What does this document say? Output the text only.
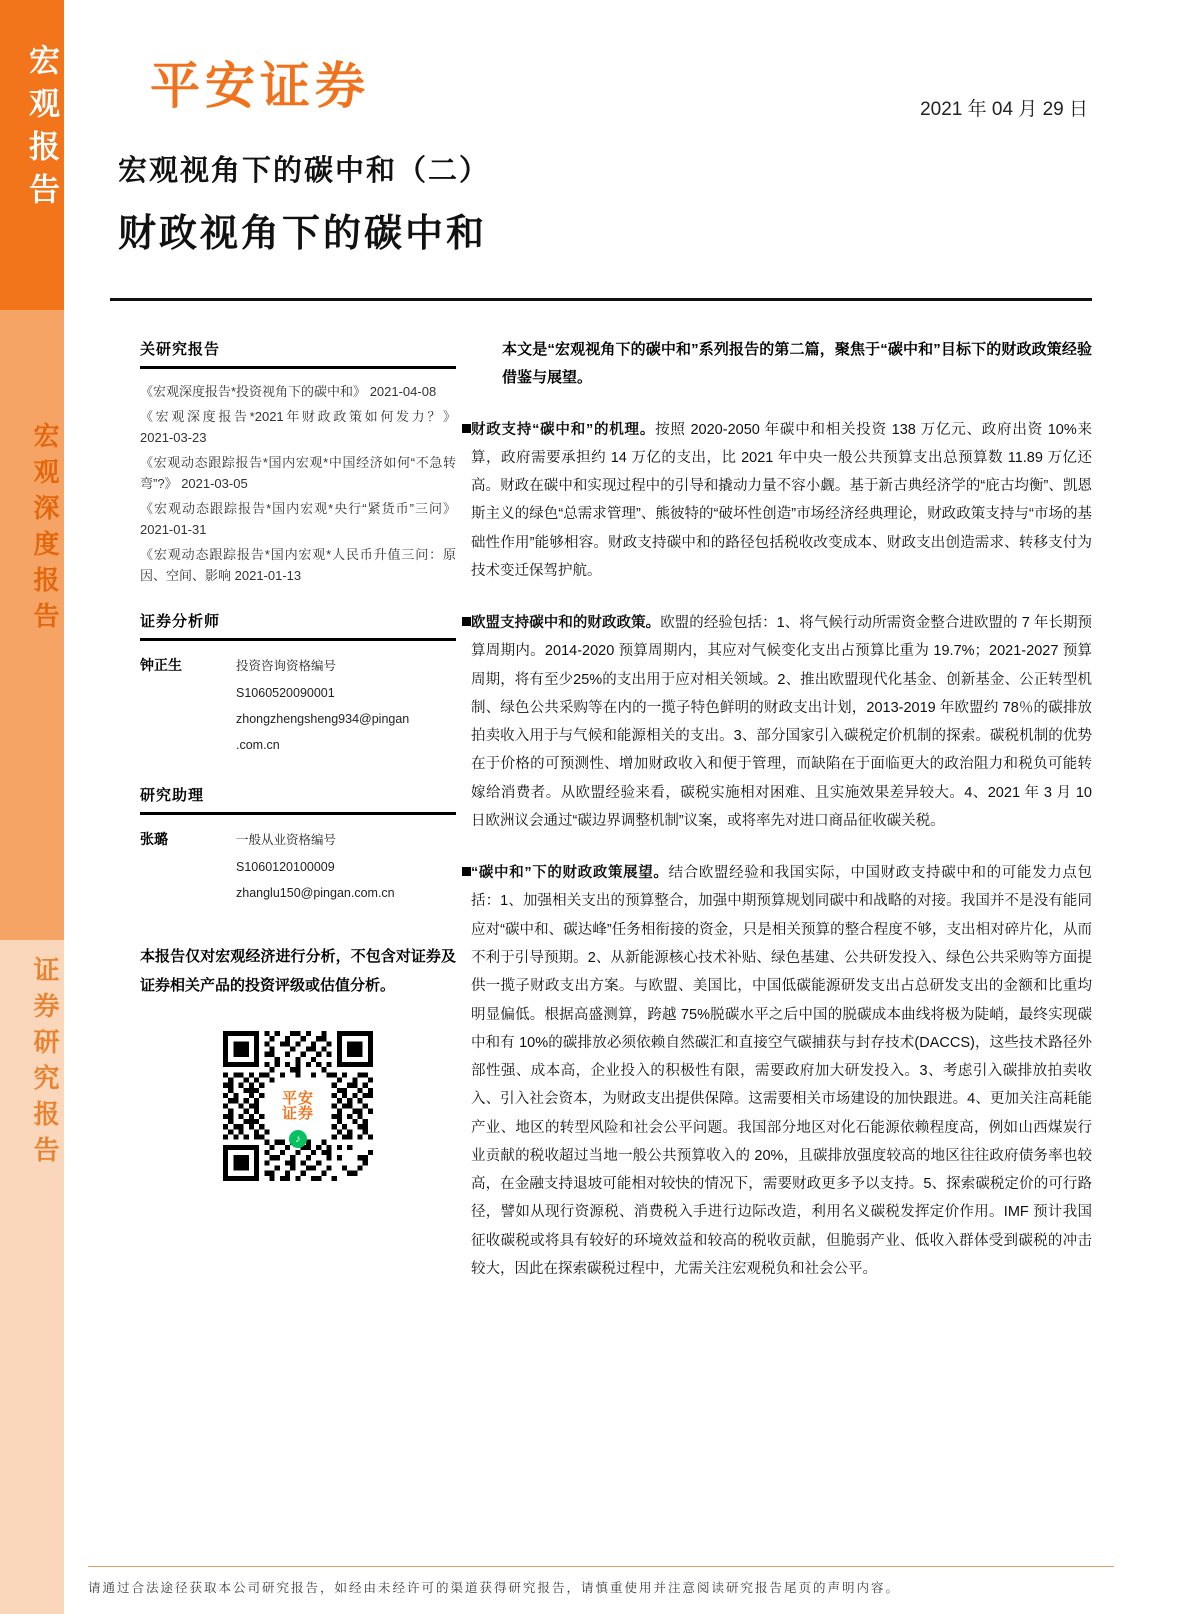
宏观报告
宏观深度报告
证券研究报告
平安证券	2021 年 04 月 29 日
宏观视角下的碳中和（二）
财政视角下的碳中和
关研究报告
《宏观深度报告*投资视角下的碳中和》 2021-04-08
《宏观深度报告*2021年财政政策如何发力？》 2021-03-23
《宏观动态跟踪报告*国内宏观*中国经济如何“不急转弯”?》 2021-03-05
《宏观动态跟踪报告*国内宏观*央行“紧货币”三问》 2021-01-31
《宏观动态跟踪报告*国内宏观*人民币升值三问：原因、空间、影响 2021-01-13
证券分析师
钟正生	投资咨询资格编号
S1060520090001
zhongzhengsheng934@pingan
.com.cn
研究助理
张璐	一般从业资格编号
S1060120100009
zhanglu150@pingan.com.cn
本报告仅对宏观经济进行分析，不包含对证券及证券相关产品的投资评级或估值分析。
平安
证券
♪

本文是“宏观视角下的碳中和”系列报告的第二篇，聚焦于“碳中和”目标下的财政政策经验借鉴与展望。

财政支持“碳中和”的机理。按照 2020-2050 年碳中和相关投资 138 万亿元、政府出资 10%来算，政府需要承担约 14 万亿的支出，比 2021 年中央一般公共预算支出总预算数 11.89 万亿还高。财政在碳中和实现过程中的引导和撬动力量不容小觑。基于新古典经济学的“庇古均衡”、凯恩斯主义的绿色“总需求管理”、熊彼特的“破坏性创造”市场经济经典理论，财政政策支持与“市场的基础性作用”能够相容。财政支持碳中和的路径包括税收改变成本、财政支出创造需求、转移支付为技术变迁保驾护航。

欧盟支持碳中和的财政政策。欧盟的经验包括：1、将气候行动所需资金整合进欧盟的 7 年长期预算周期内。2014-2020 预算周期内，其应对气候变化支出占预算比重为 19.7%；2021-2027 预算周期，将有至少25%的支出用于应对相关领域。2、推出欧盟现代化基金、创新基金、公正转型机制、绿色公共采购等在内的一揽子特色鲜明的财政支出计划，2013-2019 年欧盟约 78％的碳排放拍卖收入用于与气候和能源相关的支出。3、部分国家引入碳税定价机制的探索。碳税机制的优势在于价格的可预测性、增加财政收入和便于管理，而缺陷在于面临更大的政治阻力和税负可能转嫁给消费者。从欧盟经验来看，碳税实施相对困难、且实施效果差异较大。4、2021 年 3 月 10 日欧洲议会通过“碳边界调整机制”议案，或将率先对进口商品征收碳关税。

“碳中和”下的财政政策展望。结合欧盟经验和我国实际，中国财政支持碳中和的可能发力点包括：1、加强相关支出的预算整合，加强中期预算规划同碳中和战略的对接。我国并不是没有能同应对“碳中和、碳达峰”任务相衔接的资金，只是相关预算的整合程度不够，支出相对碎片化，从而不利于引导预期。2、从新能源核心技术补贴、绿色基建、公共研发投入、绿色公共采购等方面提供一揽子财政支出方案。与欧盟、美国比，中国低碳能源研发支出占总研发支出的金额和比重均明显偏低。根据高盛测算，跨越 75%脱碳水平之后中国的脱碳成本曲线将极为陡峭，最终实现碳中和有 10%的碳排放必须依赖自然碳汇和直接空气碳捕获与封存技术(DACCS)，这些技术路径外部性强、成本高，企业投入的积极性有限，需要政府加大研发投入。3、考虑引入碳排放拍卖收入、引入社会资本，为财政支出提供保障。这需要相关市场建设的加快跟进。4、更加关注高耗能产业、地区的转型风险和社会公平问题。我国部分地区对化石能源依赖程度高，例如山西煤炭行业贡献的税收超过当地一般公共预算收入的 20%，且碳排放强度较高的地区往往政府债务率也较高，在金融支持退坡可能相对较快的情况下，需要财政更多予以支持。5、探索碳税定价的可行路径，譬如从现行资源税、消费税入手进行边际改造，利用名义碳税发挥定价作用。IMF 预计我国征收碳税或将具有较好的环境效益和较高的税收贡献，但脆弱产业、低收入群体受到碳税的冲击较大，因此在探索碳税过程中，尤需关注宏观税负和社会公平。

请通过合法途径获取本公司研究报告，如经由未经许可的渠道获得研究报告，请慎重使用并注意阅读研究报告尾页的声明内容。
